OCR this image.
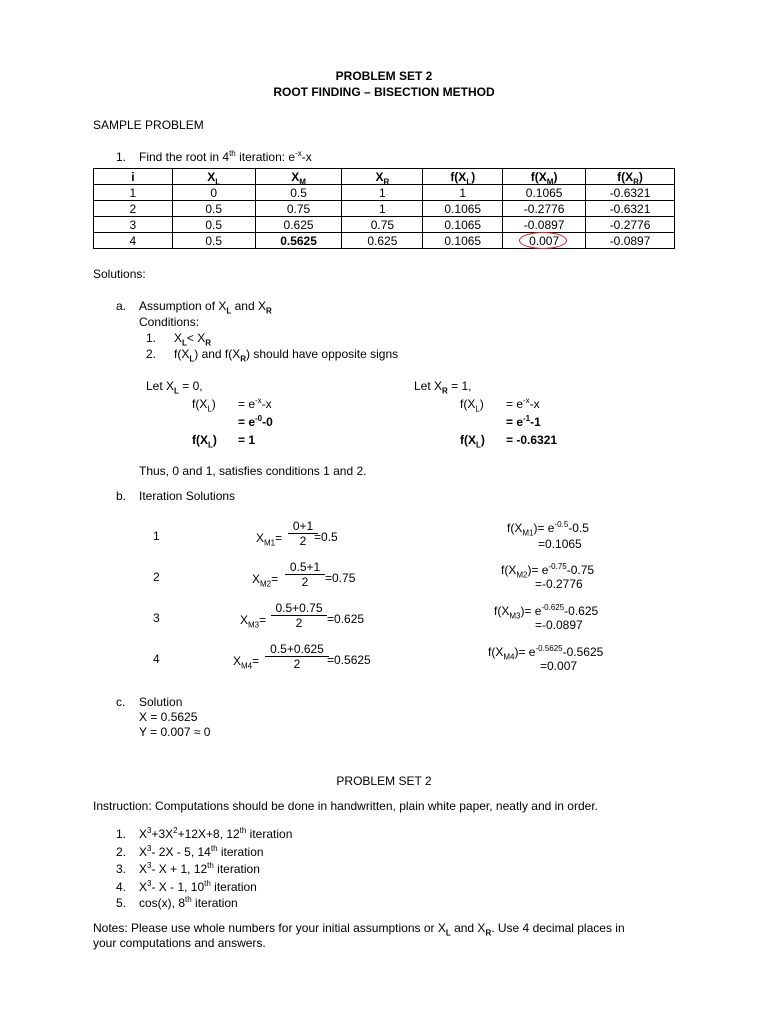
PROBLEM SET 2
ROOT FINDING – BISECTION METHOD
SAMPLE PROBLEM
1. Find the root in 4th iteration: $e^{-x}-x$
i	$X_L$	$X_M$	$X_R$	$f(X_L)$	$f(X_M)$	$f(X_R)$
1	0	0.5	1	1	0.1065	-0.6321
2	0.5	0.75	1	0.1065	-0.2776	-0.6321
3	0.5	0.625	0.75	0.1065	-0.0897	-0.2776
4	0.5	0.5625	0.625	0.1065	0.007	-0.0897
Solutions:
a. Assumption of $X_L$ and $X_R$
Conditions:
1. $X_L< X_R$
2. $f(X_L)$ and $f(X_R)$ should have opposite signs
Let $X_L = 0$,
$f(X_L) = e^{-x}-x$
= $e^{-0}-0$
$f(X_L) = 1$
Let $X_R = 1$,
$f(X_L) = e^{-x}-x$
= $e^{-1}-1$
$f(X_L) = -0.6321$
Thus, 0 and 1, satisfies conditions 1 and 2.
b. Iteration Solutions
1	$X_{M1}= \frac{0+1}{2}$
=0.5
$f(X_{M1})= e^{-0.5}-0.5$
=0.1065
2	$X_{M2}= \frac{0.5+1}{2} =0.75$
$f(X_{M2})= e^{-0.75}-0.75$
=-0.2776
3	$X_{M3}= \frac{0.5+0.75}{2} =0.625$
$f(X_{M3})= e^{-0.625}-0.625$
=-0.0897
4	$X_{M4}= \frac{0.5+0.625}{2}$
=0.5625
$f(X_{M4})= e^{-0.5625}-0.5625$
=0.007
c. Solution
X = 0.5625
Y = 0.007 ≈ 0
PROBLEM SET 2
Instruction: Computations should be done in handwritten, plain white paper, neatly and in order.
1. $X^3+3X^2+12X+8$, 12th iteration
2. $X^3-$ 2X - 5, 14th iteration
3. $X^3-$ X + 1, 12th iteration
4. $X^3-$ X - 1, 10th iteration
5. cos(x), 8th iteration
Notes: Please use whole numbers for your initial assumptions or $X_L$ and $X_R$. Use 4 decimal places in
your computations and answers.
